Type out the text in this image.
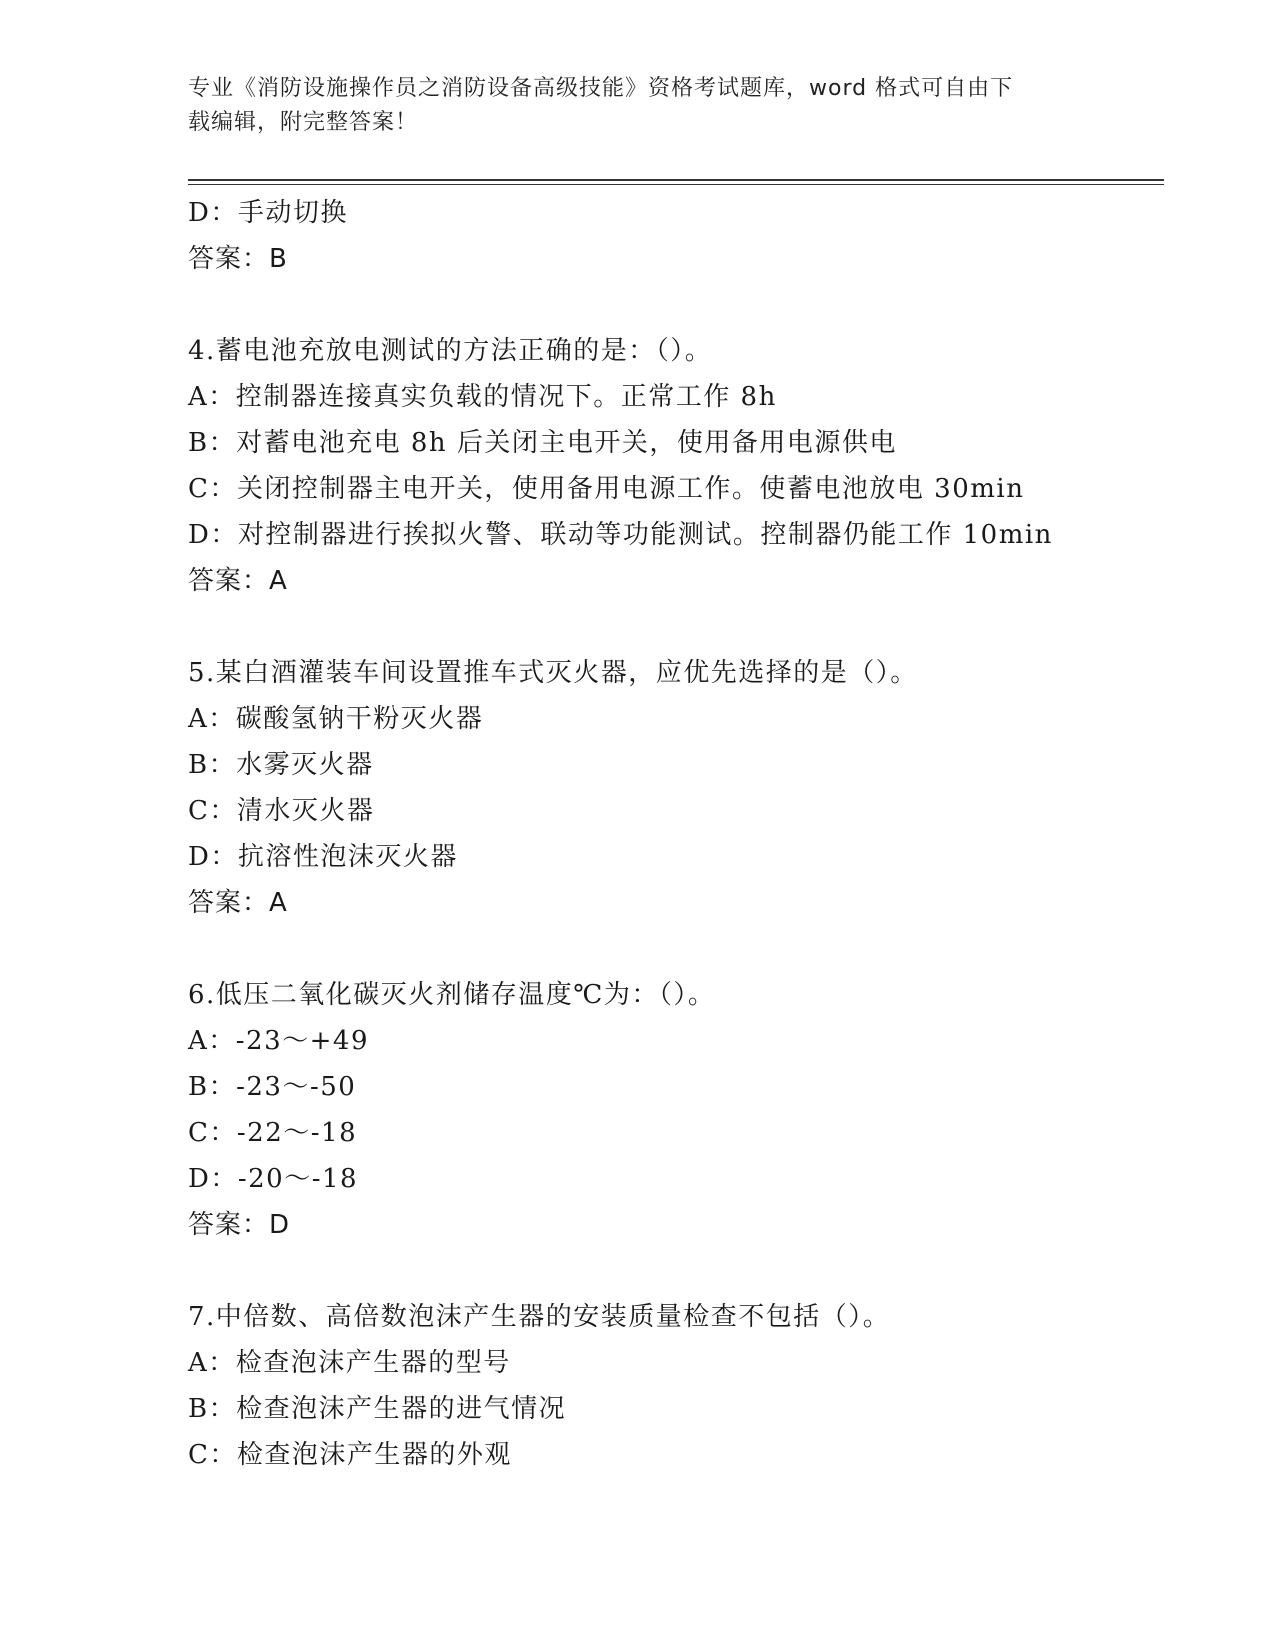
专业《消防设施操作员之消防设备高级技能》资格考试题库，word 格式可自由下
载编辑，附完整答案！
D：手动切换
答案：B
4.蓄电池充放电测试的方法正确的是：（）。
A：控制器连接真实负载的情况下。正常工作 8h
B：对蓄电池充电 8h 后关闭主电开关，使用备用电源供电
C：关闭控制器主电开关，使用备用电源工作。使蓄电池放电 30min
D：对控制器进行挨拟火警、联动等功能测试。控制器仍能工作 10min
答案：A
5.某白酒灌装车间设置推车式灭火器，应优先选择的是（）。
A：碳酸氢钠干粉灭火器
B：水雾灭火器
C：清水灭火器
D：抗溶性泡沫灭火器
答案：A
6.低压二氧化碳灭火剂储存温度℃为：（）。
A：-23～+49
B：-23～-50
C：-22～-18
D：-20～-18
答案：D
7.中倍数、高倍数泡沫产生器的安装质量检查不包括（）。
A：检查泡沫产生器的型号
B：检查泡沫产生器的进气情况
C：检查泡沫产生器的外观
